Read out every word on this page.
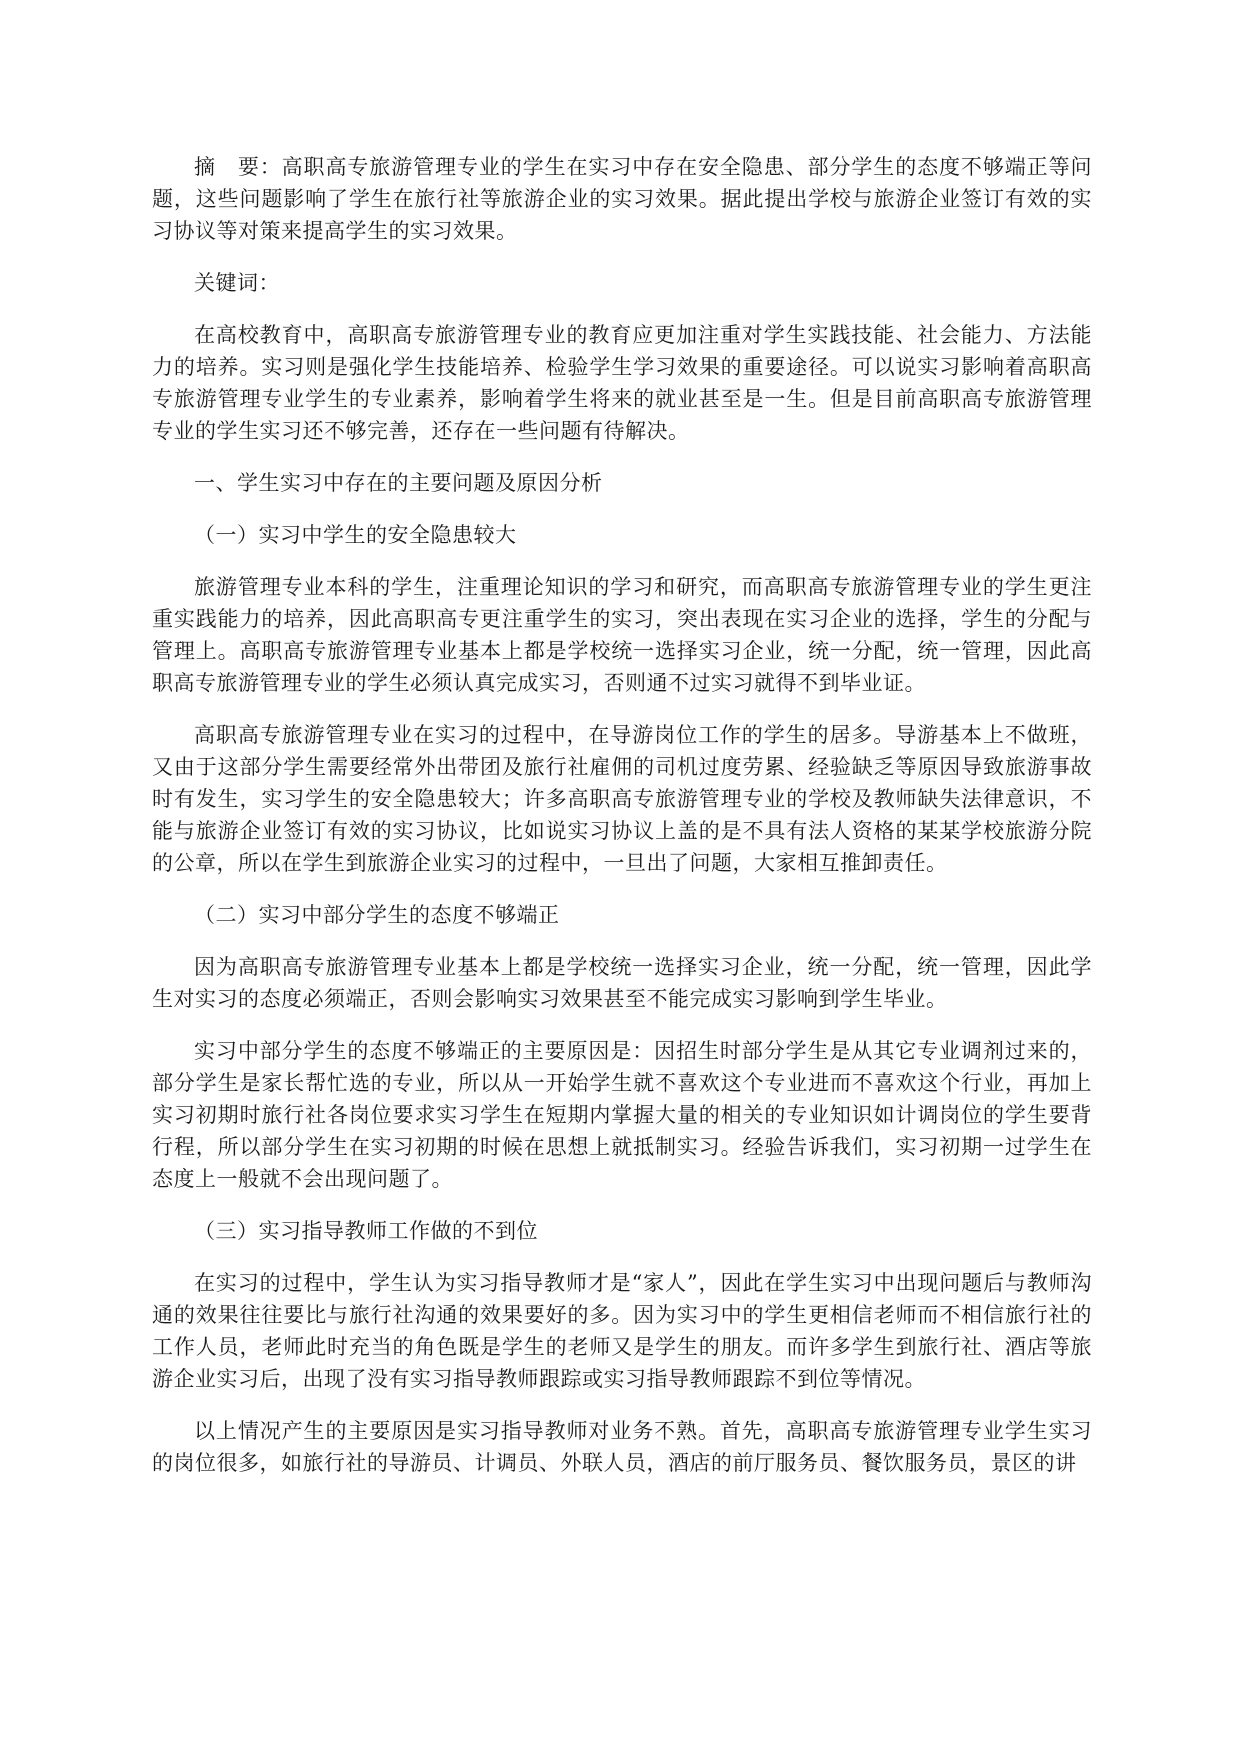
摘　要：高职高专旅游管理专业的学生在实习中存在安全隐患、部分学生的态度不够端正等问题，这些问题影响了学生在旅行社等旅游企业的实习效果。据此提出学校与旅游企业签订有效的实习协议等对策来提高学生的实习效果。

关键词：

在高校教育中，高职高专旅游管理专业的教育应更加注重对学生实践技能、社会能力、方法能力的培养。实习则是强化学生技能培养、检验学生学习效果的重要途径。可以说实习影响着高职高专旅游管理专业学生的专业素养，影响着学生将来的就业甚至是一生。但是目前高职高专旅游管理专业的学生实习还不够完善，还存在一些问题有待解决。

一、学生实习中存在的主要问题及原因分析

（一）实习中学生的安全隐患较大

旅游管理专业本科的学生，注重理论知识的学习和研究，而高职高专旅游管理专业的学生更注重实践能力的培养，因此高职高专更注重学生的实习，突出表现在实习企业的选择，学生的分配与管理上。高职高专旅游管理专业基本上都是学校统一选择实习企业，统一分配，统一管理，因此高职高专旅游管理专业的学生必须认真完成实习，否则通不过实习就得不到毕业证。

高职高专旅游管理专业在实习的过程中，在导游岗位工作的学生的居多。导游基本上不做班，又由于这部分学生需要经常外出带团及旅行社雇佣的司机过度劳累、经验缺乏等原因导致旅游事故时有发生，实习学生的安全隐患较大；许多高职高专旅游管理专业的学校及教师缺失法律意识，不能与旅游企业签订有效的实习协议，比如说实习协议上盖的是不具有法人资格的某某学校旅游分院的公章，所以在学生到旅游企业实习的过程中，一旦出了问题，大家相互推卸责任。

（二）实习中部分学生的态度不够端正

因为高职高专旅游管理专业基本上都是学校统一选择实习企业，统一分配，统一管理，因此学生对实习的态度必须端正，否则会影响实习效果甚至不能完成实习影响到学生毕业。

实习中部分学生的态度不够端正的主要原因是：因招生时部分学生是从其它专业调剂过来的，部分学生是家长帮忙选的专业，所以从一开始学生就不喜欢这个专业进而不喜欢这个行业，再加上实习初期时旅行社各岗位要求实习学生在短期内掌握大量的相关的专业知识如计调岗位的学生要背行程，所以部分学生在实习初期的时候在思想上就抵制实习。经验告诉我们，实习初期一过学生在态度上一般就不会出现问题了。

（三）实习指导教师工作做的不到位

在实习的过程中，学生认为实习指导教师才是“家人”，因此在学生实习中出现问题后与教师沟通的效果往往要比与旅行社沟通的效果要好的多。因为实习中的学生更相信老师而不相信旅行社的工作人员，老师此时充当的角色既是学生的老师又是学生的朋友。而许多学生到旅行社、酒店等旅游企业实习后，出现了没有实习指导教师跟踪或实习指导教师跟踪不到位等情况。

以上情况产生的主要原因是实习指导教师对业务不熟。首先，高职高专旅游管理专业学生实习的岗位很多，如旅行社的导游员、计调员、外联人员，酒店的前厅服务员、餐饮服务员，景区的讲
